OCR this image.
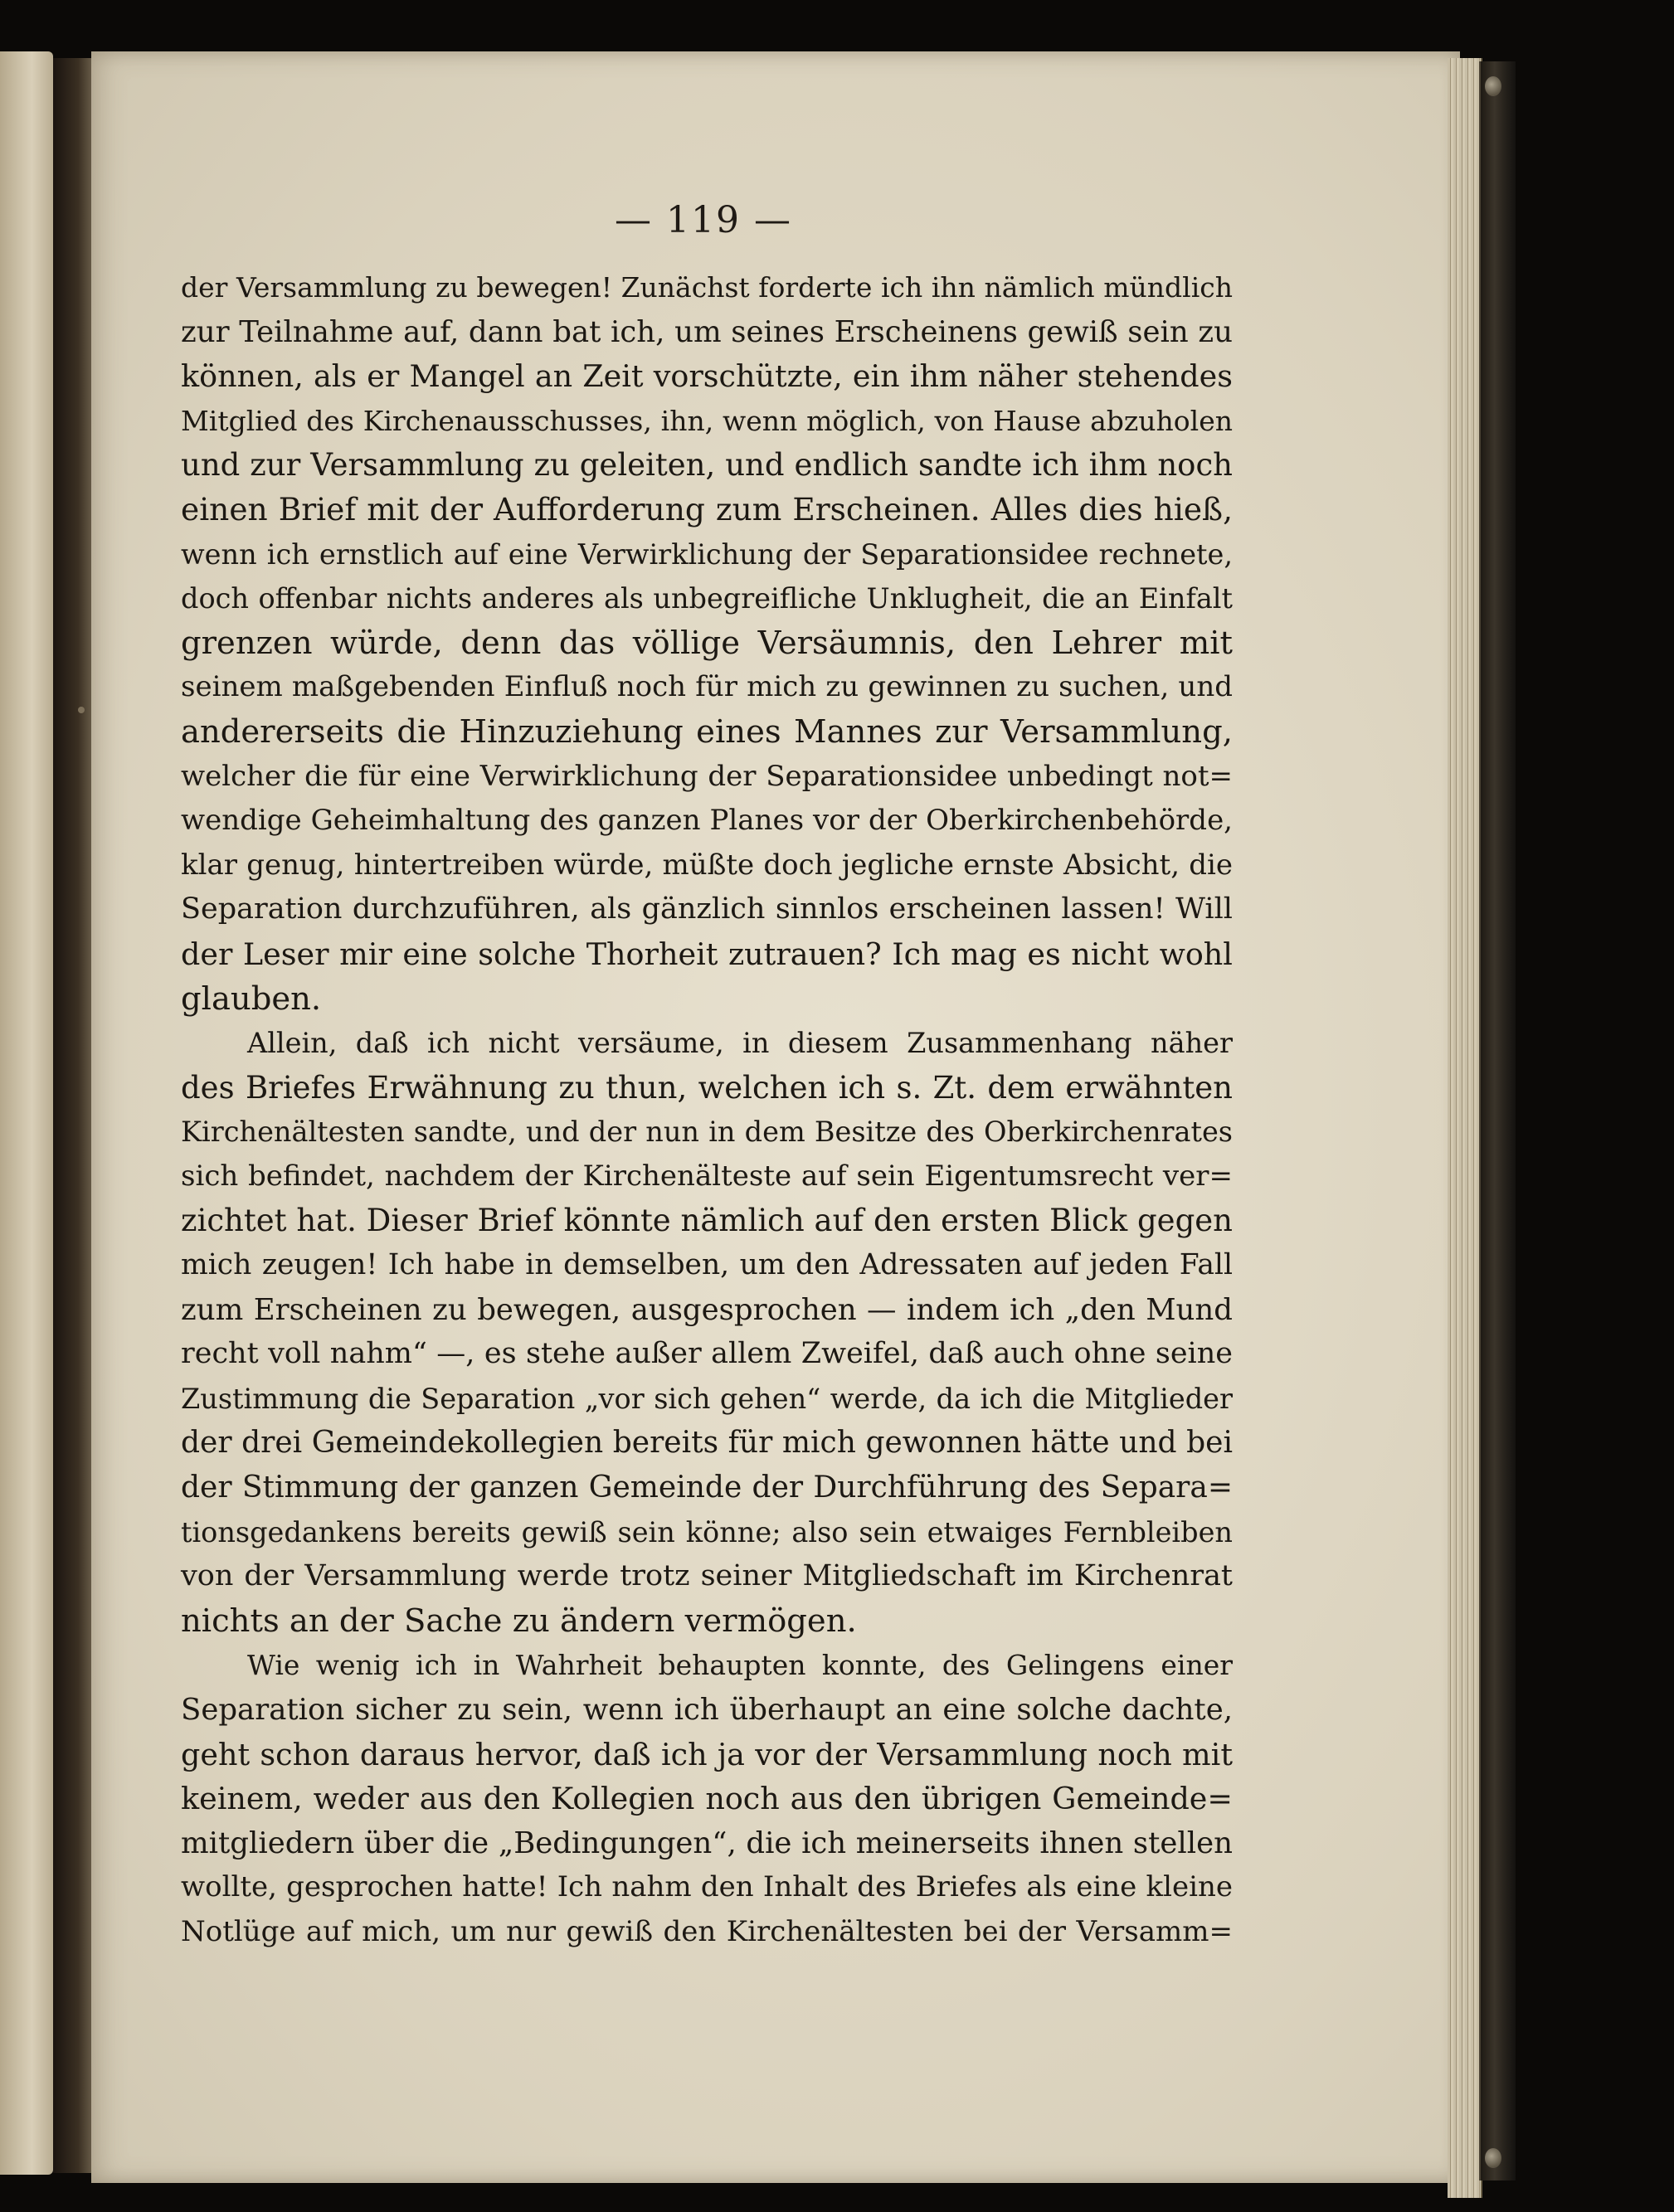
— 119 —
der Versammlung zu bewegen! Zunächst forderte ich ihn nämlich mündlich
zur Teilnahme auf, dann bat ich, um seines Erscheinens gewiß sein zu
können, als er Mangel an Zeit vorschützte, ein ihm näher stehendes
Mitglied des Kirchenausschusses, ihn, wenn möglich, von Hause abzuholen
und zur Versammlung zu geleiten, und endlich sandte ich ihm noch
einen Brief mit der Aufforderung zum Erscheinen. Alles dies hieß,
wenn ich ernstlich auf eine Verwirklichung der Separationsidee rechnete,
doch offenbar nichts anderes als unbegreifliche Unklugheit, die an Einfalt
grenzen würde, denn das völlige Versäumnis, den Lehrer mit
seinem maßgebenden Einfluß noch für mich zu gewinnen zu suchen, und
andererseits die Hinzuziehung eines Mannes zur Versammlung,
welcher die für eine Verwirklichung der Separationsidee unbedingt not=
wendige Geheimhaltung des ganzen Planes vor der Oberkirchenbehörde,
klar genug, hintertreiben würde, müßte doch jegliche ernste Absicht, die
Separation durchzuführen, als gänzlich sinnlos erscheinen lassen! Will
der Leser mir eine solche Thorheit zutrauen? Ich mag es nicht wohl
glauben.
Allein, daß ich nicht versäume, in diesem Zusammenhang näher
des Briefes Erwähnung zu thun, welchen ich s. Zt. dem erwähnten
Kirchenältesten sandte, und der nun in dem Besitze des Oberkirchenrates
sich befindet, nachdem der Kirchenälteste auf sein Eigentumsrecht ver=
zichtet hat. Dieser Brief könnte nämlich auf den ersten Blick gegen
mich zeugen! Ich habe in demselben, um den Adressaten auf jeden Fall
zum Erscheinen zu bewegen, ausgesprochen — indem ich „den Mund
recht voll nahm“ —, es stehe außer allem Zweifel, daß auch ohne seine
Zustimmung die Separation „vor sich gehen“ werde, da ich die Mitglieder
der drei Gemeindekollegien bereits für mich gewonnen hätte und bei
der Stimmung der ganzen Gemeinde der Durchführung des Separa=
tionsgedankens bereits gewiß sein könne; also sein etwaiges Fernbleiben
von der Versammlung werde trotz seiner Mitgliedschaft im Kirchenrat
nichts an der Sache zu ändern vermögen.
Wie wenig ich in Wahrheit behaupten konnte, des Gelingens einer
Separation sicher zu sein, wenn ich überhaupt an eine solche dachte,
geht schon daraus hervor, daß ich ja vor der Versammlung noch mit
keinem, weder aus den Kollegien noch aus den übrigen Gemeinde=
mitgliedern über die „Bedingungen“, die ich meinerseits ihnen stellen
wollte, gesprochen hatte! Ich nahm den Inhalt des Briefes als eine kleine
Notlüge auf mich, um nur gewiß den Kirchenältesten bei der Versamm=
